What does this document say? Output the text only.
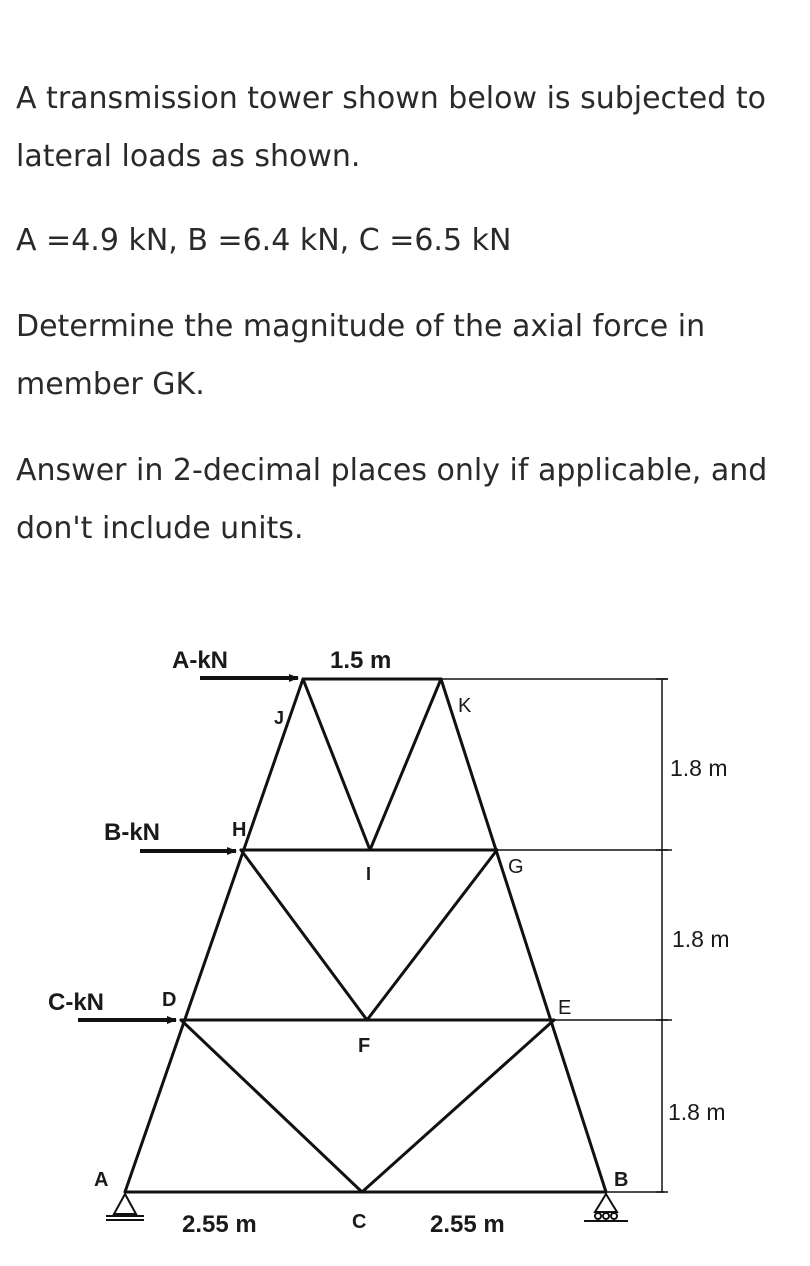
A transmission tower shown below is subjected to lateral loads as shown.

A =4.9 kN, B =6.4 kN, C =6.5 kN

Determine the magnitude of the axial force in member GK.

Answer in 2-decimal places only if applicable, and don't include units.

A-kN
B-kN
C-kN
J
K
H
I	G
D
F
E
A
C
B
1.5 m
1.8 m
1.8 m
1.8 m
2.55 m	2.55 m
